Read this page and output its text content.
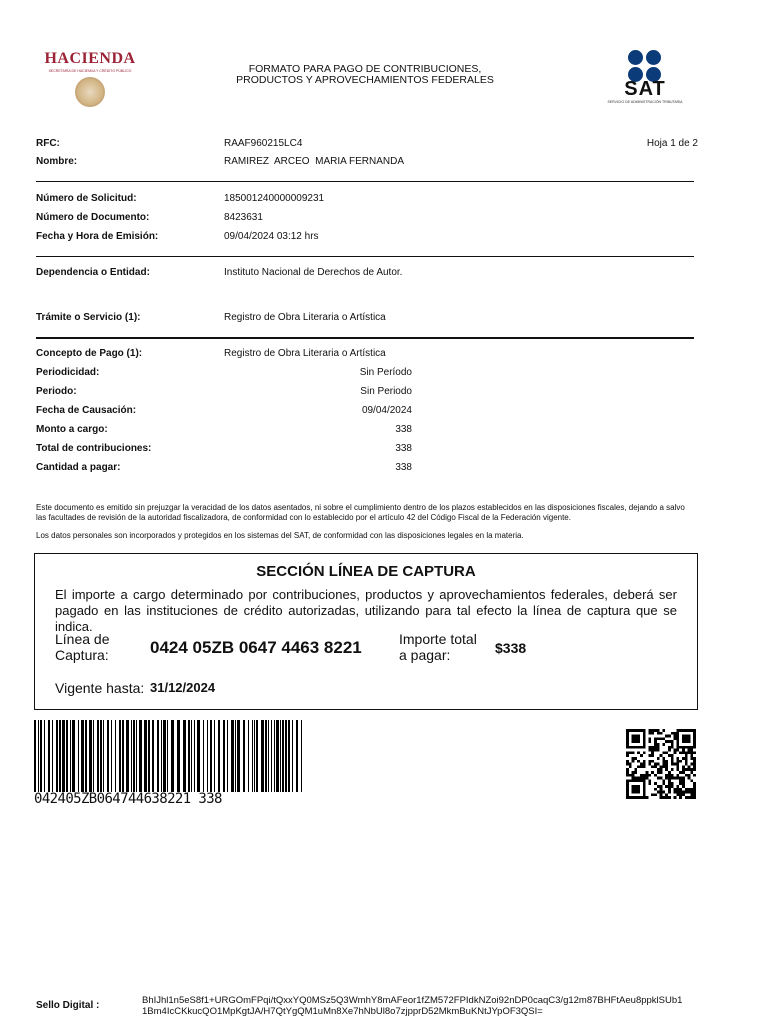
HACIENDA
SECRETARÍA DE HACIENDA Y CRÉDITO PÚBLICO	FORMATO PARA PAGO DE CONTRIBUCIONES,
PRODUCTOS Y APROVECHAMIENTOS FEDERALES	SAT
SERVICIO DE ADMINISTRACIÓN TRIBUTARIA
RFC:	RAAF960215LC4	Hoja 1 de 2
Nombre:	RAMIREZ  ARCEO  MARIA FERNANDA
Número de Solicitud:	185001240000009231
Número de Documento:	8423631
Fecha y Hora de Emisión:	09/04/2024 03:12 hrs
Dependencia o Entidad:	Instituto Nacional de Derechos de Autor.
Trámite o Servicio (1):	Registro de Obra Literaria o Artística
Concepto de Pago (1):	Registro de Obra Literaria o Artística
Periodicidad:	Sin Período
Periodo:	Sin Periodo
Fecha de Causación:	09/04/2024
Monto a cargo:	338
Total de contribuciones:	338
Cantidad a pagar:	338
Este documento es emitido sin prejuzgar la veracidad de los datos asentados, ni sobre el cumplimiento dentro de los plazos establecidos en las disposiciones fiscales, dejando a salvo las facultades de revisión de la autoridad fiscalizadora, de conformidad con lo establecido por el artículo 42 del Código Fiscal de la Federación vigente.
Los datos personales son incorporados y protegidos en los sistemas del SAT, de conformidad con las disposiciones legales en la materia.
SECCIÓN LÍNEA DE CAPTURA
El importe a cargo determinado por contribuciones, productos y aprovechamientos federales, deberá ser pagado en las instituciones de crédito autorizadas, utilizando para tal efecto la línea de captura que se indica.
Línea de
Captura: 0424 05ZB 0647 4463 8221	Importe total
a pagar:	$338
Vigente hasta: 31/12/2024
042405ZB064744638221 338
Sello Digital :	BhIJhl1n5eS8f1+URGOmFPqi/tQxxYQ0MSz5Q3WmhY8mAFeor1fZM572FPIdkNZoi92nDP0caqC3/g12m87BHFtAeu8ppklSUb1
1Bm4IcCKkucQO1MpKgtJA/H7QtYgQM1uMn8Xe7hNbUl8o7zjpprD52MkmBuKNtJYpOF3QSI=
